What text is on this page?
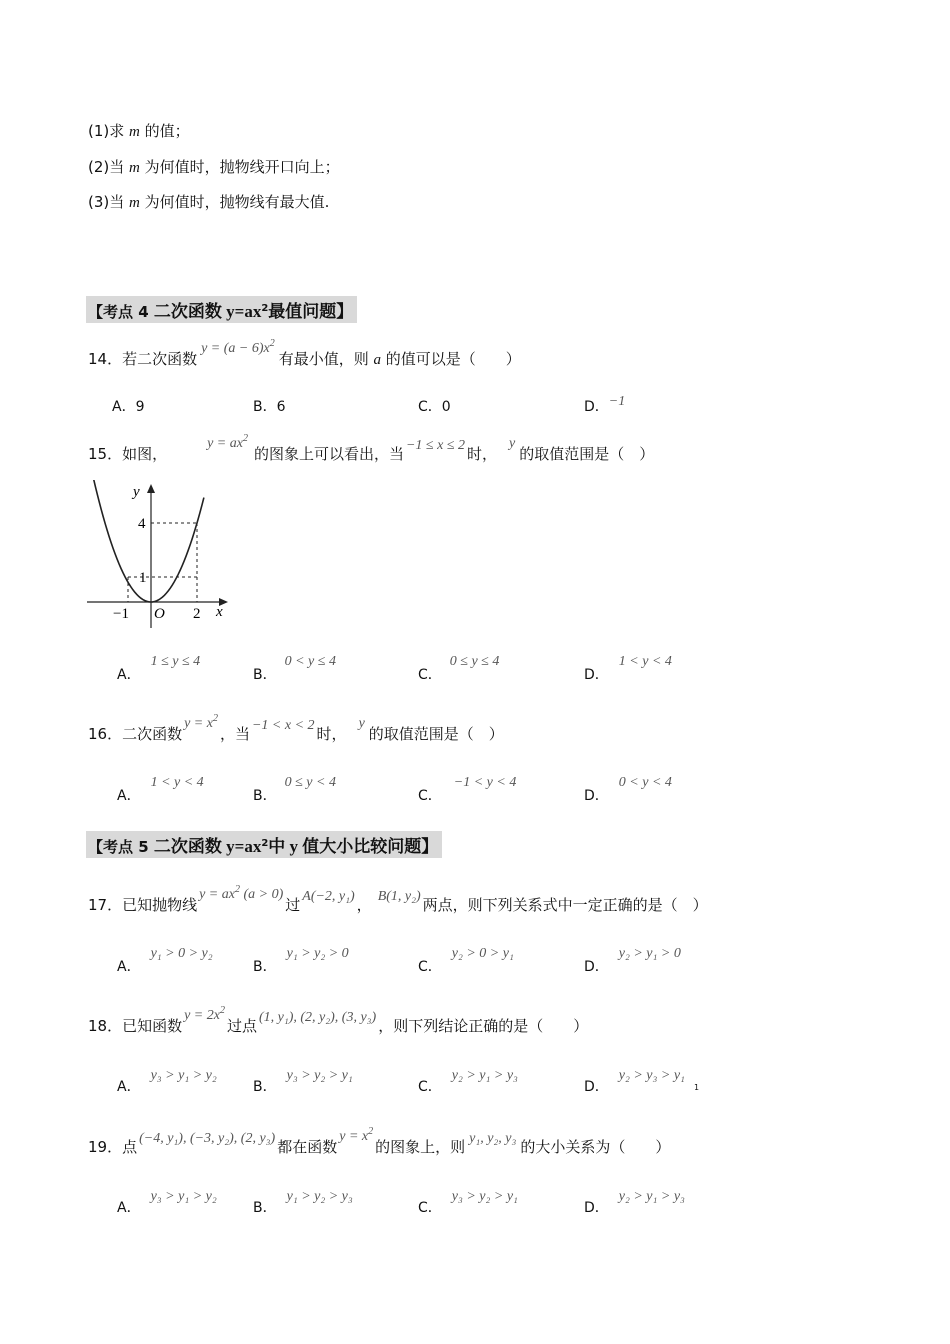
(1)求 m 的值；
(2)当 m 为何值时，抛物线开口向上；
(3)当 m 为何值时，抛物线有最大值.
【考点 4 二次函数 $y=ax^2$最值问题】
14．若二次函数$y = (a - 6)x^2$有最小值，则 a 的值可以是（　　）
A．9	B．6	C．0	D．−1
15．如图，$y = ax^2$的图象上可以看出，当 −1 ≤ x ≤ 2 时，y的取值范围是（　）
y
x
O
4
1
−1	2
A．1 ≤ y ≤ 4
B．0 < y ≤ 4
C．0 ≤ y ≤ 4
D．1 < y < 4
16．二次函数$y = x^2$，当 −1 < x < 2 时，y的取值范围是（　）
A．1 < y < 4
B．0 ≤ y < 4
C．−1 < y < 4
D．0 < y < 4
【考点 5 二次函数 $y=ax^2$中 y 值大小比较问题】
17．已知抛物线$y = ax^2$ (a > 0)过 A(−2, y₁) ， B(1, y₂) 两点，则下列关系式中一定正确的是（　）
A．y₁ > 0 > y₂
B．y₁ > y₂ > 0
C．y₂ > 0 > y₁
D．y₂ > y₁ > 0
18．已知函数$y = 2x^2$过点 (1, y₁), (2, y₂), (3, y₃) ，则下列结论正确的是（　　）
A．y₃ > y₁ > y₂
B．y₃ > y₂ > y₁
C．y₂ > y₁ > y₃
D．y₂ > y₃ > y₁
1
19．点 (−4, y₁), (−3, y₂), (2, y₃) 都在函数$y = x^2$的图象上，则 y₁, y₂, y₃ 的大小关系为（　　）
A．y₃ > y₁ > y₂
B．y₁ > y₂ > y₃
C．y₃ > y₂ > y₁
D．y₂ > y₁ > y₃
